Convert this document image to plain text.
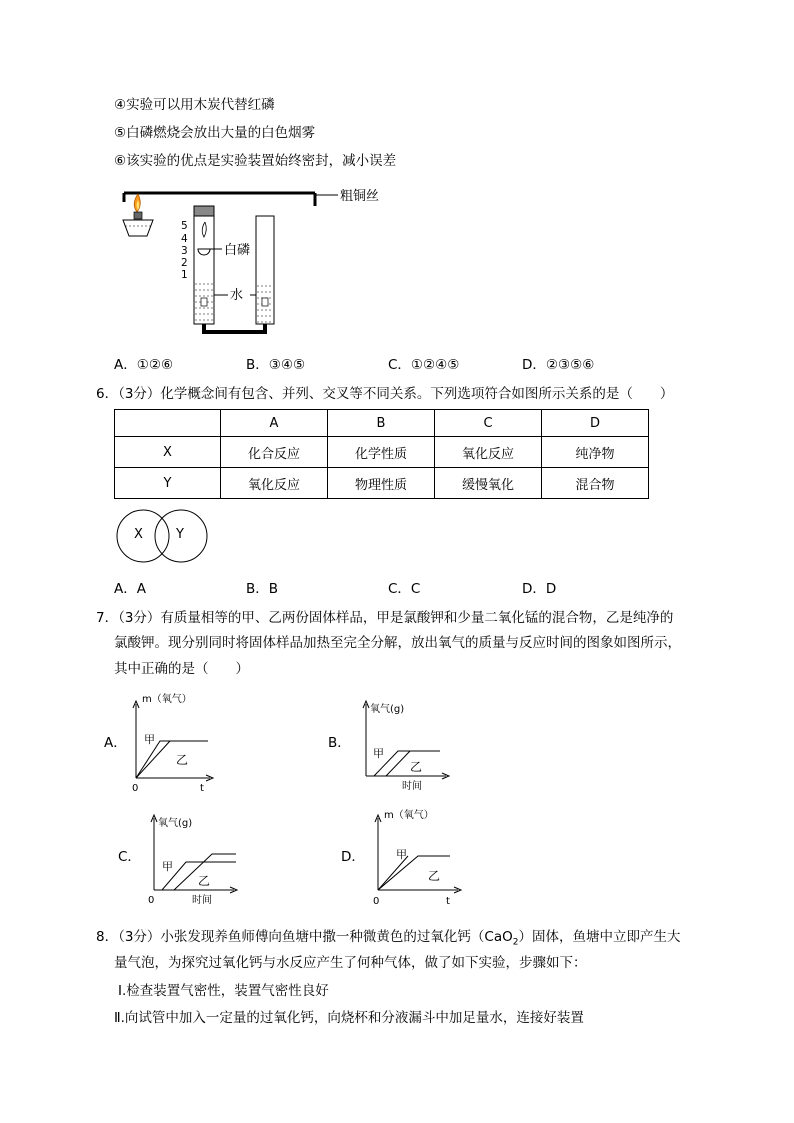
④实验可以用木炭代替红磷
⑤白磷燃烧会放出大量的白色烟雾
⑥该实验的优点是实验装置始终密封，减小误差
粗铜丝
5
4
3
2
1
白磷
水
A．①②⑥	B．③④⑤	C．①②④⑤	D．②③⑤⑥
6．（3分）化学概念间有包含、并列、交叉等不同关系。下列选项符合如图所示关系的是（　　）
	A	B	C	D
X	化合反应	化学性质	氧化反应	纯净物
Y	氧化反应	物理性质	缓慢氧化	混合物
X	Y
A．A	B．B	C．C	D．D
7．（3分）有质量相等的甲、乙两份固体样品，甲是氯酸钾和少量二氧化锰的混合物，乙是纯净的
氯酸钾。现分别同时将固体样品加热至完全分解，放出氧气的质量与反应时间的图象如图所示，
其中正确的是（　　）
A．
m（氧气）
甲
乙
0	t
B．
氧气(g)
甲
乙
时间
C．
氧气(g)
甲
乙
0	时间
D．
m（氧气）
甲
乙
0	t
8．（3分）小张发现养鱼师傅向鱼塘中撒一种微黄色的过氧化钙（CaO$_2$）固体，鱼塘中立即产生大
量气泡，为探究过氧化钙与水反应产生了何种气体，做了如下实验，步骤如下：
Ⅰ.检查装置气密性，装置气密性良好
Ⅱ.向试管中加入一定量的过氧化钙，向烧杯和分液漏斗中加足量水，连接好装置
